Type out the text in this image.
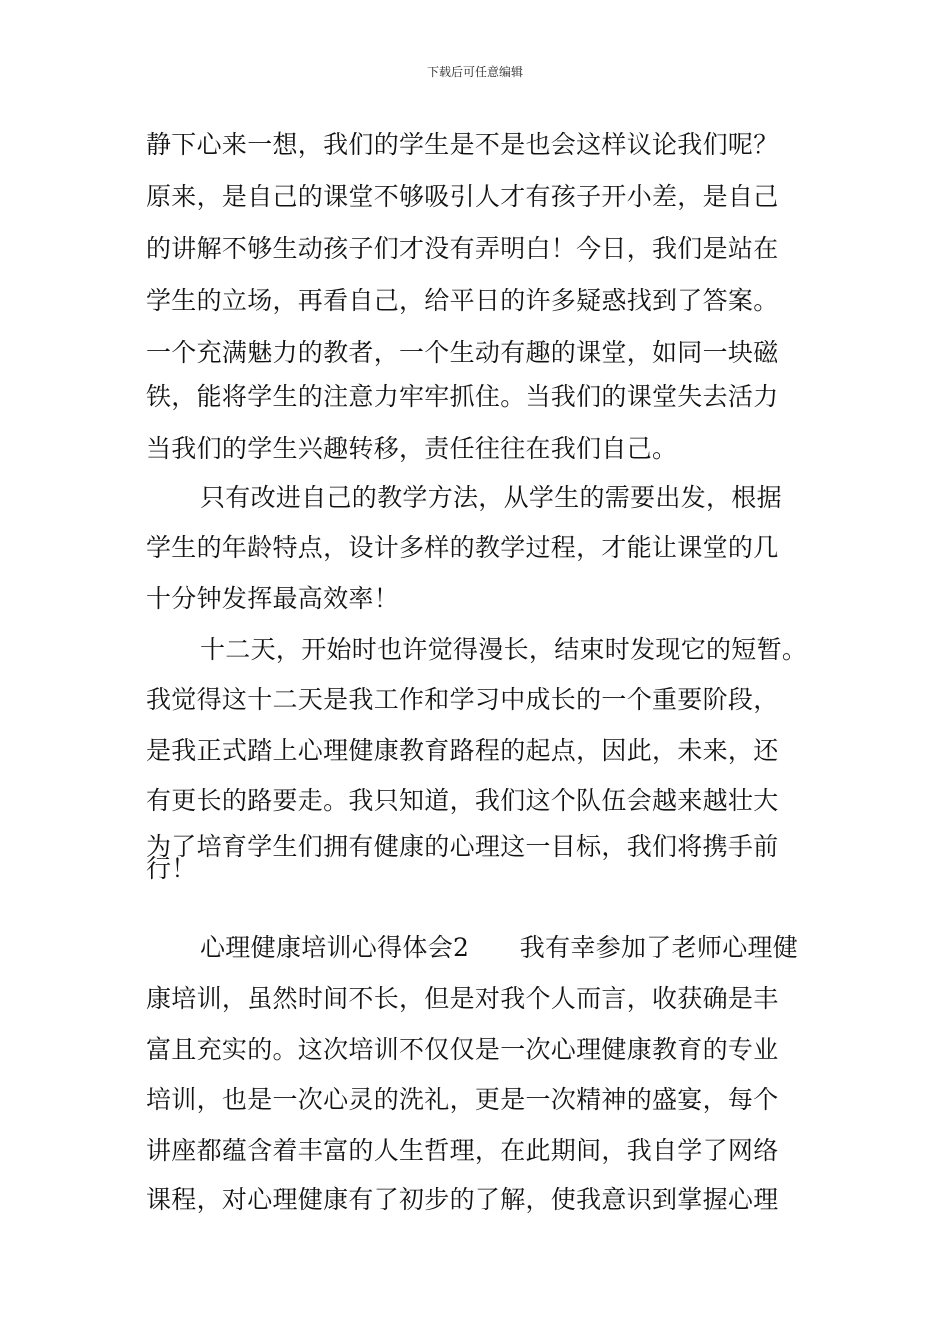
下载后可任意编辑
静下心来一想，我们的学生是不是也会这样议论我们呢？
原来，是自己的课堂不够吸引人才有孩子开小差，是自己
的讲解不够生动孩子们才没有弄明白！今日，我们是站在
学生的立场，再看自己，给平日的许多疑惑找到了答案。
一个充满魅力的教者，一个生动有趣的课堂，如同一块磁
铁，能将学生的注意力牢牢抓住。当我们的课堂失去活力
当我们的学生兴趣转移，责任往往在我们自己。
只有改进自己的教学方法，从学生的需要出发，根据
学生的年龄特点，设计多样的教学过程，才能让课堂的几
十分钟发挥最高效率！
十二天，开始时也许觉得漫长，结束时发现它的短暂。
我觉得这十二天是我工作和学习中成长的一个重要阶段，
是我正式踏上心理健康教育路程的起点，因此，未来，还
有更长的路要走。我只知道，我们这个队伍会越来越壮大
为了培育学生们拥有健康的心理这一目标，我们将携手前
行！
心理健康培训心得体会2　　我有幸参加了老师心理健
康培训，虽然时间不长，但是对我个人而言，收获确是丰
富且充实的。这次培训不仅仅是一次心理健康教育的专业
培训，也是一次心灵的洗礼，更是一次精神的盛宴，每个
讲座都蕴含着丰富的人生哲理，在此期间，我自学了网络
课程，对心理健康有了初步的了解，使我意识到掌握心理
